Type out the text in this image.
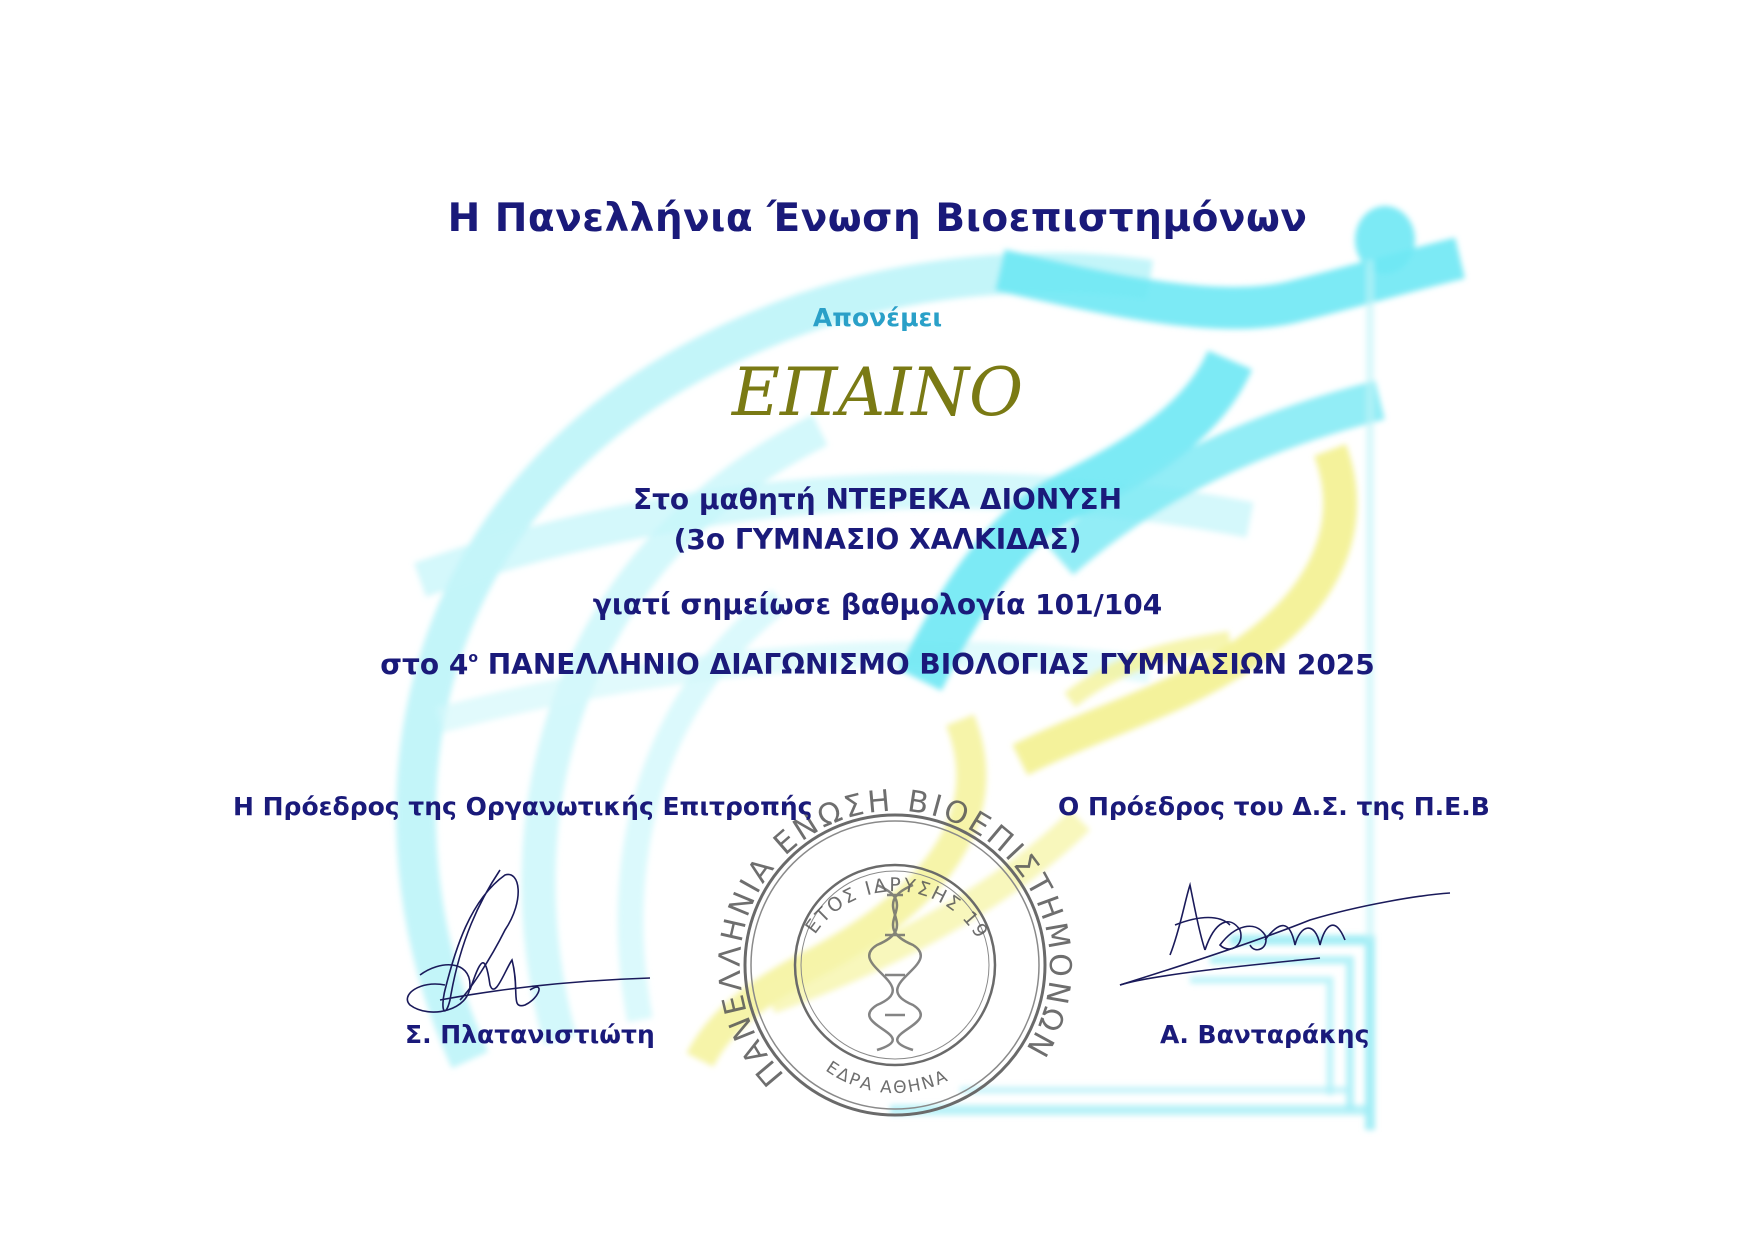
ΠΑΝΕΛΛΗΝΙΑ ΕΝΩΣΗ ΒΙΟΕΠΙΣΤΗΜΟΝΩΝ
ΕΤΟΣ ΙΔΡΥΣΗΣ 1973
ΕΔΡΑ ΑΘΗΝΑ
Η Πανελλήνια Ένωση Βιοεπιστημόνων
Απονέμει
ΕΠΑΙΝΟ
Στο μαθητή ΝΤΕΡΕΚΑ ΔΙΟΝΥΣΗ
(3ο ΓΥΜΝΑΣΙΟ ΧΑΛΚΙΔΑΣ)
γιατί σημείωσε βαθμολογία 101/104
στο $4^o$ ΠΑΝΕΛΛΗΝΙΟ ΔΙΑΓΩΝΙΣΜΟ ΒΙΟΛΟΓΙΑΣ ΓΥΜΝΑΣΙΩΝ 2025
Η Πρόεδρος της Οργανωτικής Επιτροπής	Ο Πρόεδρος του Δ.Σ. της Π.Ε.Β
Σ. Πλατανιστιώτη	Α. Βανταράκης
